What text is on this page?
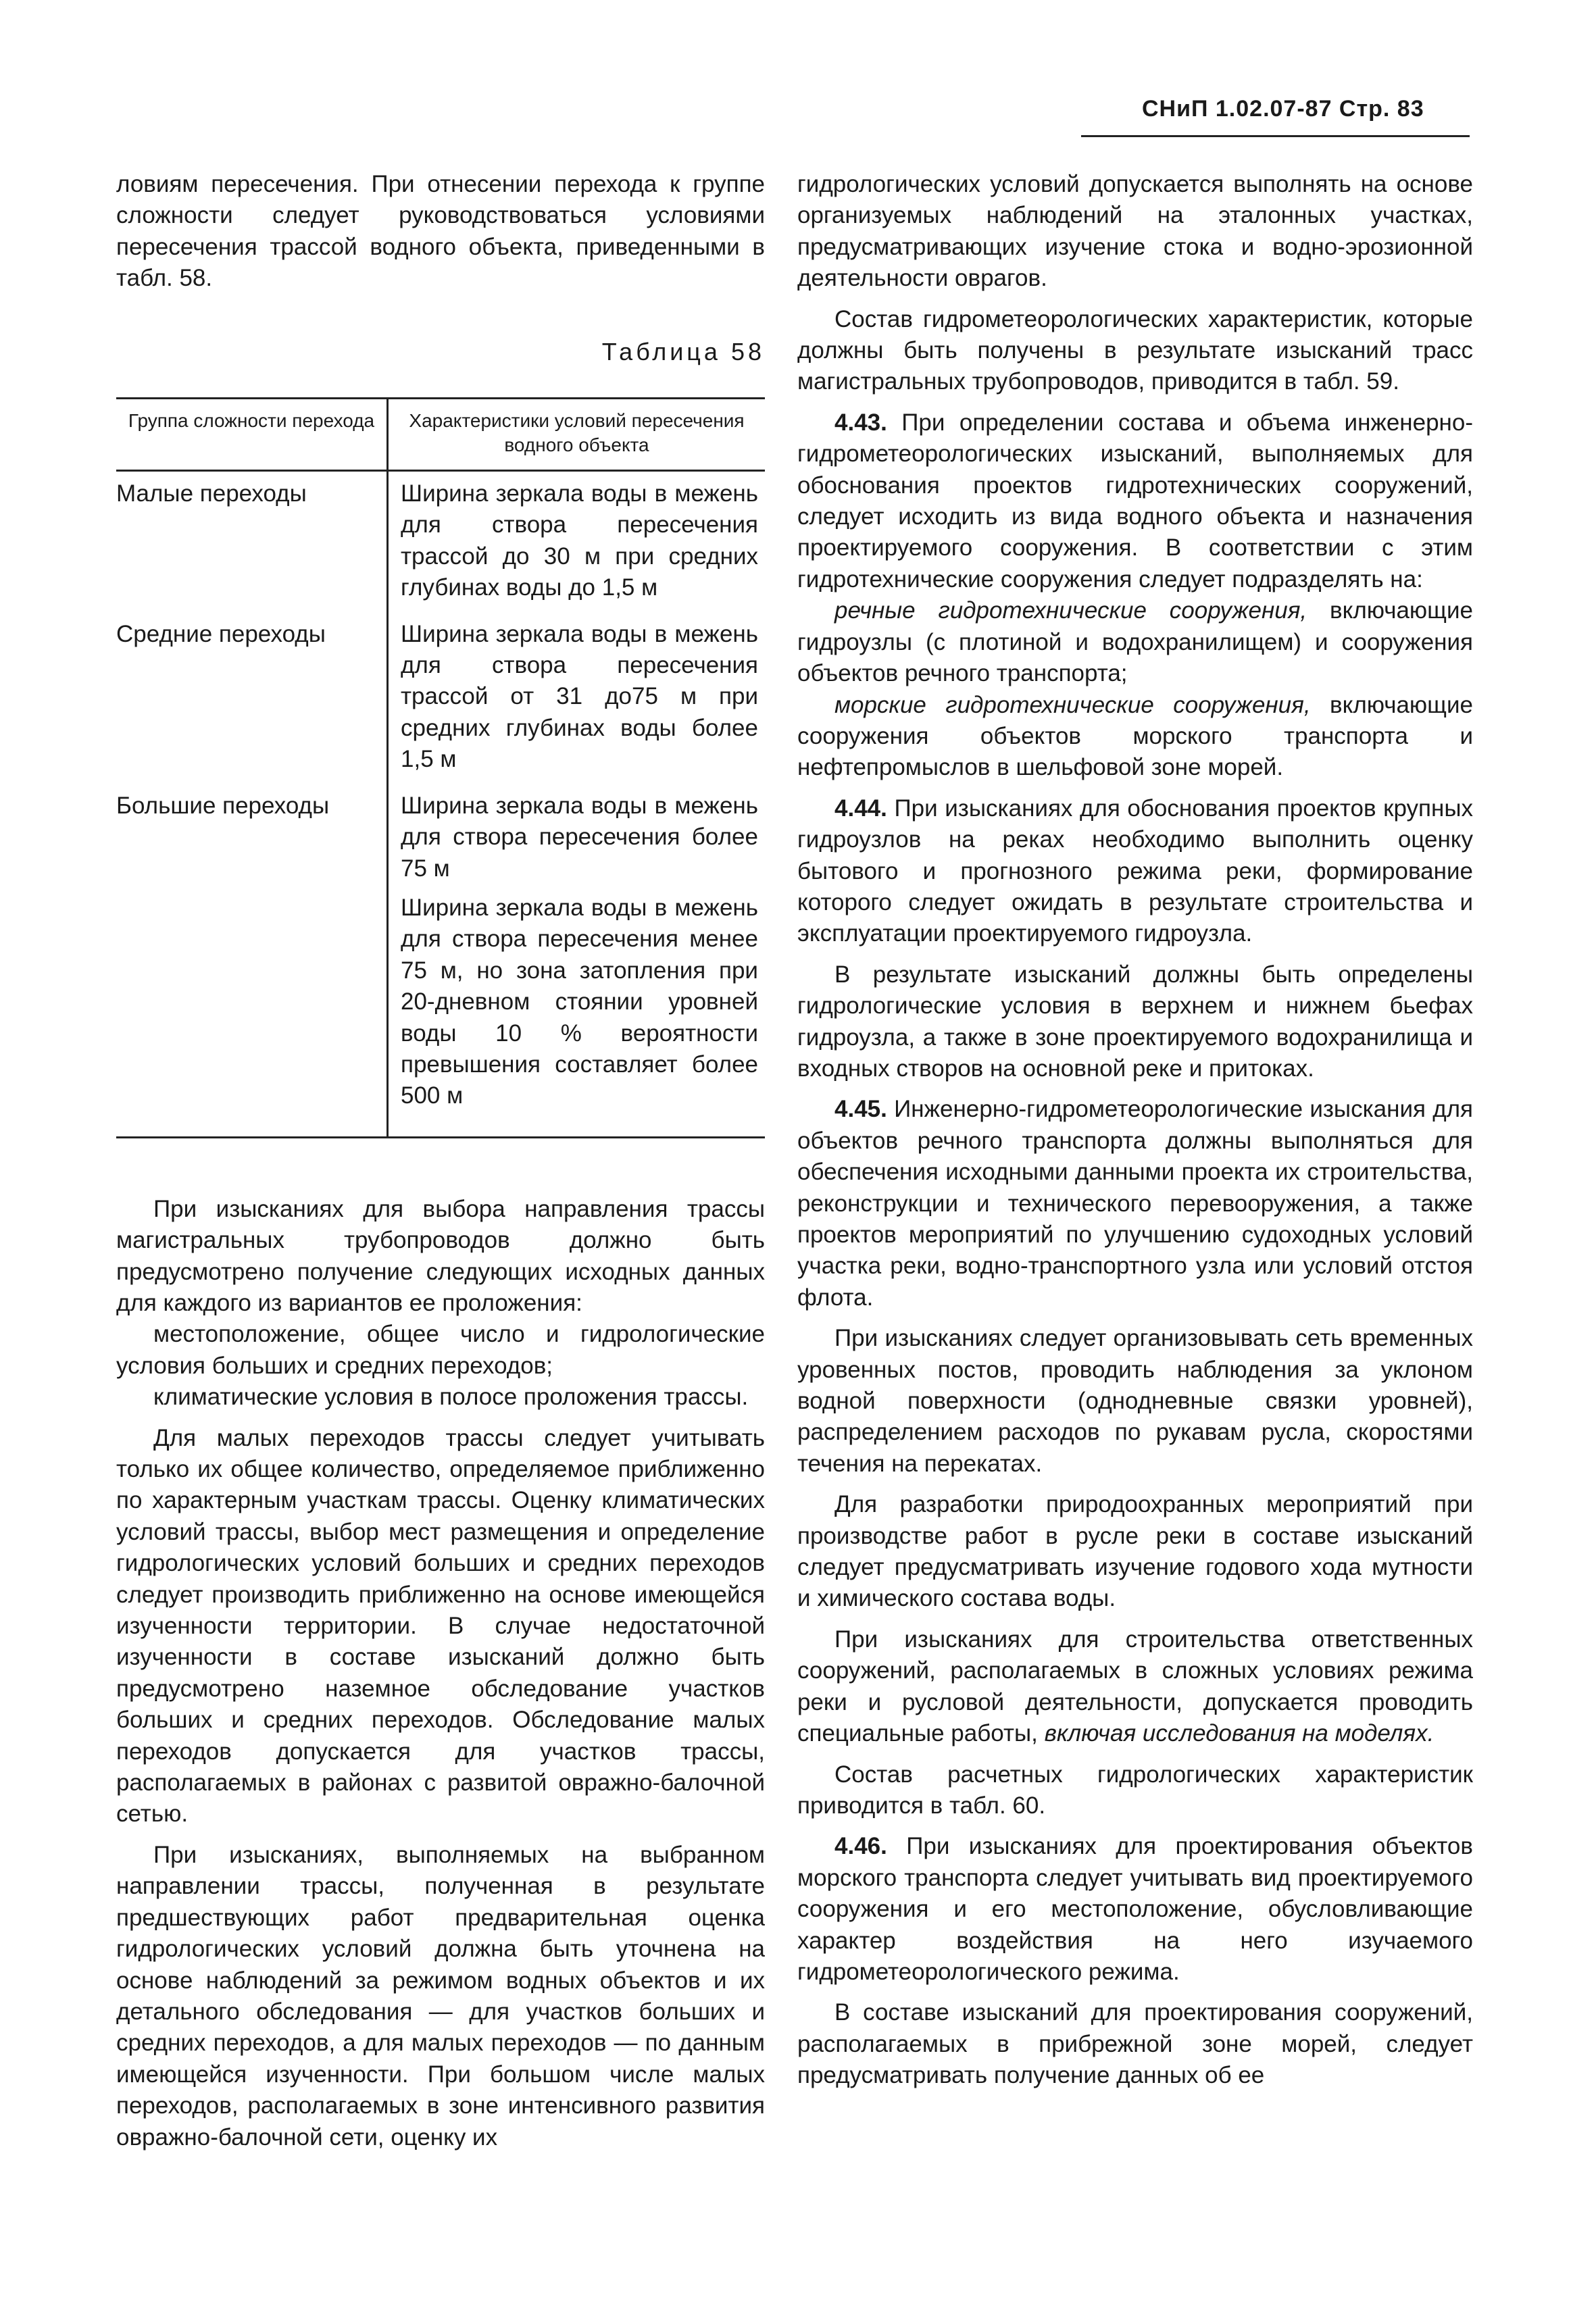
СНиП 1.02.07-87 Стр. 83

ловиям пересечения. При отнесении перехода к группе сложности следует руководствоваться условиями пересечения трассой водного объекта, приведенными в табл. 58.

Таблица 58
Группа сложности перехода	Характеристики условий пересечения водного объекта
Малые переходы	Ширина зеркала воды в межень для створа пересечения трассой до 30 м при средних глубинах воды до 1,5 м

Средние переходы	Ширина зеркала воды в межень для створа пересечения трассой от 31 до75 м при средних глубинах воды более 1,5 м

Большие переходы	Ширина зеркала воды в межень для створа пересечения более 75 м
Ширина зеркала воды в межень для створа пересечения менее 75 м, но зона затопления при 20-дневном стоянии уровней воды 10 % вероятности превышения составляет более 500 м

При изысканиях для выбора направления трассы магистральных трубопроводов должно быть предусмотрено получение следующих исходных данных для каждого из вариантов ее проложения:

местоположение, общее число и гидрологические условия больших и средних переходов;

климатические условия в полосе проложения трассы.

Для малых переходов трассы следует учитывать только их общее количество, определяемое приближенно по характерным участкам трассы. Оценку климатических условий трассы, выбор мест размещения и определение гидрологических условий больших и средних переходов следует производить приближенно на основе имеющейся изученности территории. В случае недостаточной изученности в составе изысканий должно быть предусмотрено наземное обследование участков больших и средних переходов. Обследование малых переходов допускается для участков трассы, располагаемых в районах с развитой овражно-балочной сетью.

При изысканиях, выполняемых на выбранном направлении трассы, полученная в результате предшествующих работ предварительная оценка гидрологических условий должна быть уточнена на основе наблюдений за режимом водных объектов и их детального обследования — для участков больших и средних переходов, а для малых переходов — по данным имеющейся изученности. При большом числе малых переходов, располагаемых в зоне интенсивного развития овражно-балочной сети, оценку их

гидрологических условий допускается выполнять на основе организуемых наблюдений на эталонных участках, предусматривающих изучение стока и водно-эрозионной деятельности оврагов.

Состав гидрометеорологических характеристик, которые должны быть получены в результате изысканий трасс магистральных трубопроводов, приводится в табл. 59.

4.43. При определении состава и объема инженерно-гидрометеорологических изысканий, выполняемых для обоснования проектов гидротехнических сооружений, следует исходить из вида водного объекта и назначения проектируемого сооружения. В соответствии с этим гидротехнические сооружения следует подразделять на:

речные гидротехнические сооружения, включающие гидроузлы (с плотиной и водохранилищем) и сооружения объектов речного транспорта;

морские гидротехнические сооружения, включающие сооружения объектов морского транспорта и нефтепромыслов в шельфовой зоне морей.

4.44. При изысканиях для обоснования проектов крупных гидроузлов на реках необходимо выполнить оценку бытового и прогнозного режима реки, формирование которого следует ожидать в результате строительства и эксплуатации проектируемого гидроузла.

В результате изысканий должны быть определены гидрологические условия в верхнем и нижнем бьефах гидроузла, а также в зоне проектируемого водохранилища и входных створов на основной реке и притоках.

4.45. Инженерно-гидрометеорологические изыскания для объектов речного транспорта должны выполняться для обеспечения исходными данными проекта их строительства, реконструкции и технического перевооружения, а также проектов мероприятий по улучшению судоходных условий участка реки, водно-транспортного узла или условий отстоя флота.

При изысканиях следует организовывать сеть временных уровенных постов, проводить наблюдения за уклоном водной поверхности (однодневные связки уровней), распределением расходов по рукавам русла, скоростями течения на перекатах.

Для разработки природоохранных мероприятий при производстве работ в русле реки в составе изысканий следует предусматривать изучение годового хода мутности и химического состава воды.

При изысканиях для строительства ответственных сооружений, располагаемых в сложных условиях режима реки и русловой деятельности, допускается проводить специальные работы, включая исследования на моделях.

Состав расчетных гидрологических характеристик приводится в табл. 60.

4.46. При изысканиях для проектирования объектов морского транспорта следует учитывать вид проектируемого сооружения и его местоположение, обусловливающие характер воздействия на него изучаемого гидрометеорологического режима.

В составе изысканий для проектирования сооружений, располагаемых в прибрежной зоне морей, следует предусматривать получение данных об ее
